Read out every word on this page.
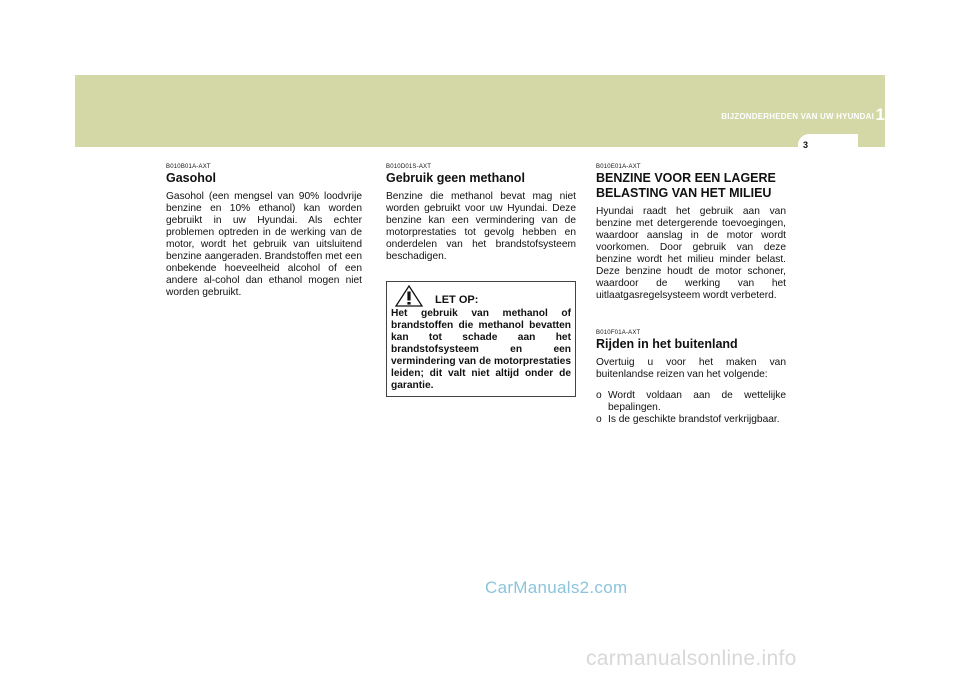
BIJZONDERHEDEN VAN UW HYUNDAI 1
3
B010B01A-AXT
Gasohol

Gasohol (een mengsel van 90% loodvrije benzine en 10% ethanol) kan worden gebruikt in uw Hyundai. Als echter problemen optreden in de werking van de motor, wordt het gebruik van uitsluitend benzine aangeraden. Brandstoffen met een onbekende hoeveelheid alcohol of een andere al-cohol dan ethanol mogen niet worden gebruikt.

B010D01S-AXT
Gebruik geen methanol

Benzine die methanol bevat mag niet worden gebruikt voor uw Hyundai. Deze benzine kan een vermindering van de motorprestaties tot gevolg hebben en onderdelen van het brandstofsysteem beschadigen.

LET OP:

Het gebruik van methanol of brandstoffen die methanol bevatten kan tot schade aan het brandstofsysteem en een vermindering van de motorprestaties leiden; dit valt niet altijd onder de garantie.

B010E01A-AXT
BENZINE VOOR EEN LAGERE BELASTING VAN HET MILIEU

Hyundai raadt het gebruik aan van benzine met detergerende toevoegingen, waardoor aanslag in de motor wordt voorkomen. Door gebruik van deze benzine wordt het milieu minder belast. Deze benzine houdt de motor schoner, waardoor de werking van het uitlaatgasregelsysteem wordt verbeterd.

B010F01A-AXT
Rijden in het buitenland

Overtuig u voor het maken van buitenlandse reizen van het volgende:

o Wordt voldaan aan de wettelijke bepalingen.
o Is de geschikte brandstof verkrijgbaar.
CarManuals2.com
carmanualsonline.info
